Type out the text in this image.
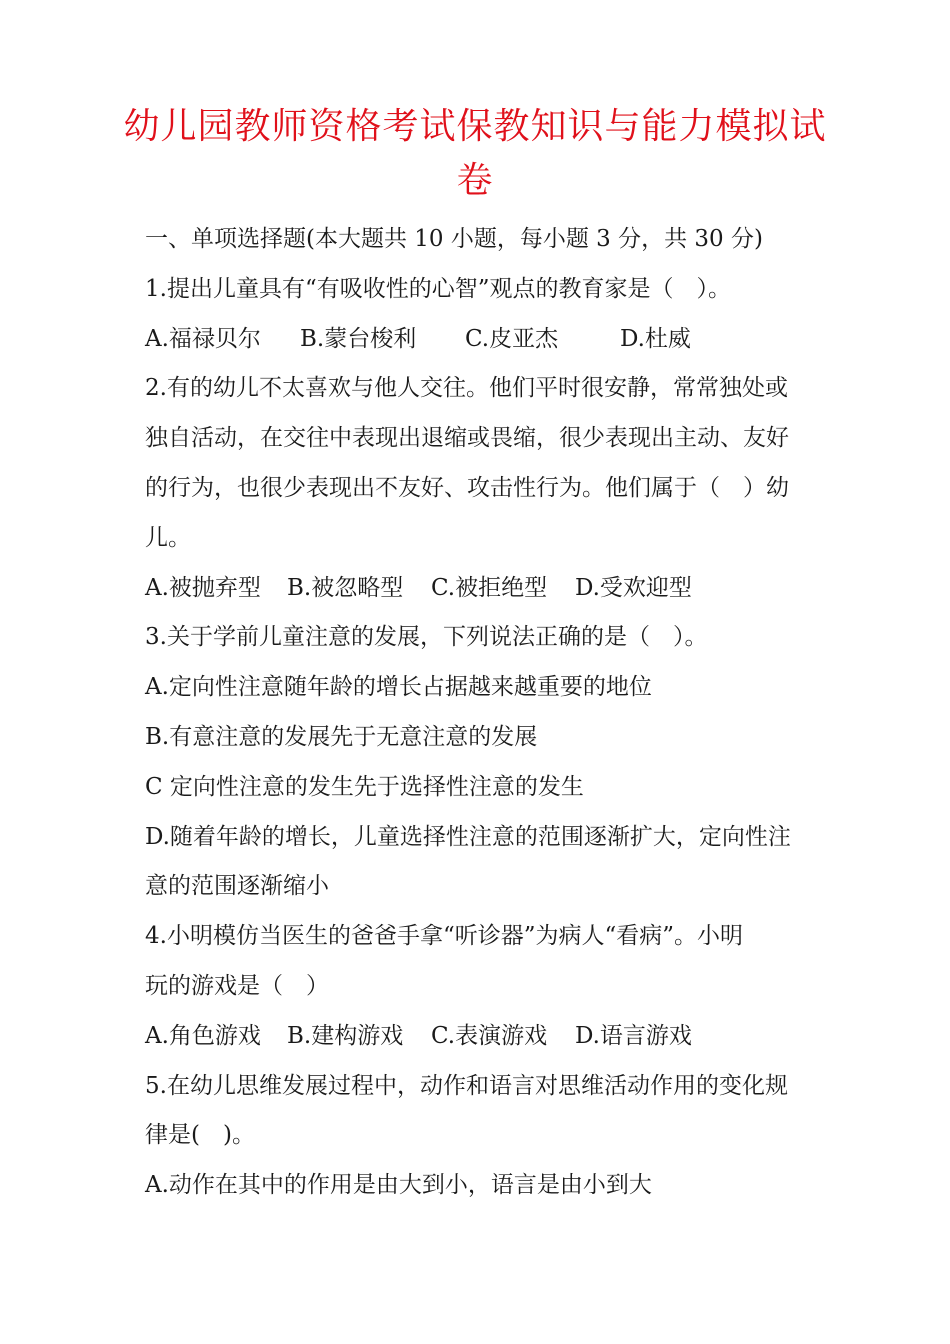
幼儿园教师资格考试保教知识与能力模拟试卷

一、单项选择题(本大题共 10 小题，每小题 3 分，共 30 分)

1.提出儿童具有“有吸收性的心智”观点的教育家是（　）。

A.福禄贝尔	B.蒙台梭利	C.皮亚杰	D.杜威

2.有的幼儿不太喜欢与他人交往。他们平时很安静，常常独处或

独自活动，在交往中表现出退缩或畏缩，很少表现出主动、友好

的行为，也很少表现出不友好、攻击性行为。他们属于（　）幼

儿。

A.被抛弃型	B.被忽略型	C.被拒绝型	D.受欢迎型

3.关于学前儿童注意的发展，下列说法正确的是（　）。

A.定向性注意随年龄的增长占据越来越重要的地位

B.有意注意的发展先于无意注意的发展

C 定向性注意的发生先于选择性注意的发生

D.随着年龄的增长，儿童选择性注意的范围逐渐扩大，定向性注

意的范围逐渐缩小

4.小明模仿当医生的爸爸手拿“听诊器”为病人“看病”。小明

玩的游戏是（　）

A.角色游戏	B.建构游戏	C.表演游戏	D.语言游戏

5.在幼儿思维发展过程中，动作和语言对思维活动作用的变化规

律是(　)。

A.动作在其中的作用是由大到小，语言是由小到大
